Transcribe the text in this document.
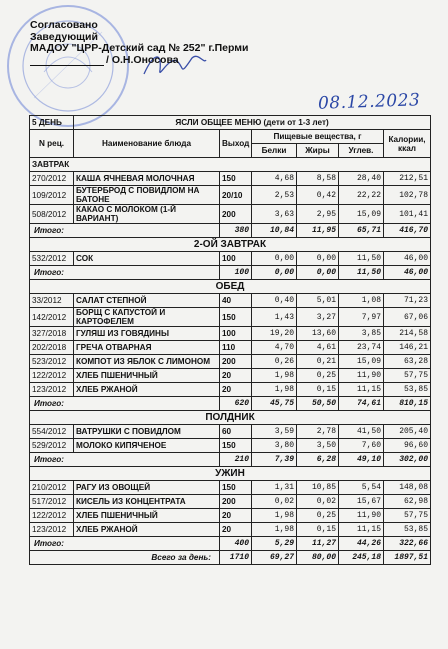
Согласовано
Заведующий
МАДОУ "ЦРР-Детский сад № 252" г.Перми
/ О.Н.Оносова
08.12.2023
5 ДЕНЬ	ЯСЛИ ОБЩЕЕ МЕНЮ (дети от 1-3 лет)					
N рец.	Наименование блюда	Выход	Пищевые вещества, г			Калории, ккал
			Белки	Жиры	Углев.	
ЗАВТРАК						
270/2012	КАША ЯЧНЕВАЯ МОЛОЧНАЯ	150	4,68	8,58	28,40	212,51
109/2012	БУТЕРБРОД С ПОВИДЛОМ НА БАТОНЕ	20/10	2,53	0,42	22,22	102,78
508/2012	КАКАО С МОЛОКОМ (1-Й ВАРИАНТ)	200	3,63	2,95	15,09	101,41
Итого:		380	10,84	11,95	65,71	416,70
2-ОЙ ЗАВТРАК						
532/2012	СОК	100	0,00	0,00	11,50	46,00
Итого:		100	0,00	0,00	11,50	46,00
ОБЕД						
33/2012	САЛАТ СТЕПНОЙ	40	0,40	5,01	1,08	71,23
142/2012	БОРЩ С КАПУСТОЙ И КАРТОФЕЛЕМ	150	1,43	3,27	7,97	67,06
327/2018	ГУЛЯШ ИЗ ГОВЯДИНЫ	100	19,20	13,60	3,85	214,58
202/2018	ГРЕЧА ОТВАРНАЯ	110	4,70	4,61	23,74	146,21
523/2012	КОМПОТ ИЗ ЯБЛОК С ЛИМОНОМ	200	0,26	0,21	15,09	63,28
122/2012	ХЛЕБ ПШЕНИЧНЫЙ	20	1,98	0,25	11,90	57,75
123/2012	ХЛЕБ РЖАНОЙ	20	1,98	0,15	11,15	53,85
Итого:		620	45,75	50,50	74,61	810,15
ПОЛДНИК						
554/2012	ВАТРУШКИ С ПОВИДЛОМ	60	3,59	2,78	41,50	205,40
529/2012	МОЛОКО КИПЯЧЕНОЕ	150	3,80	3,50	7,60	96,60
Итого:		210	7,39	6,28	49,10	302,00
УЖИН						
210/2012	РАГУ ИЗ ОВОЩЕЙ	150	1,31	10,85	5,54	148,08
517/2012	КИСЕЛЬ ИЗ КОНЦЕНТРАТА	200	0,02	0,02	15,67	62,98
122/2012	ХЛЕБ ПШЕНИЧНЫЙ	20	1,98	0,25	11,90	57,75
123/2012	ХЛЕБ РЖАНОЙ	20	1,98	0,15	11,15	53,85
Итого:		400	5,29	11,27	44,26	322,66
Всего за день:		1710	69,27	80,00	245,18	1897,51
